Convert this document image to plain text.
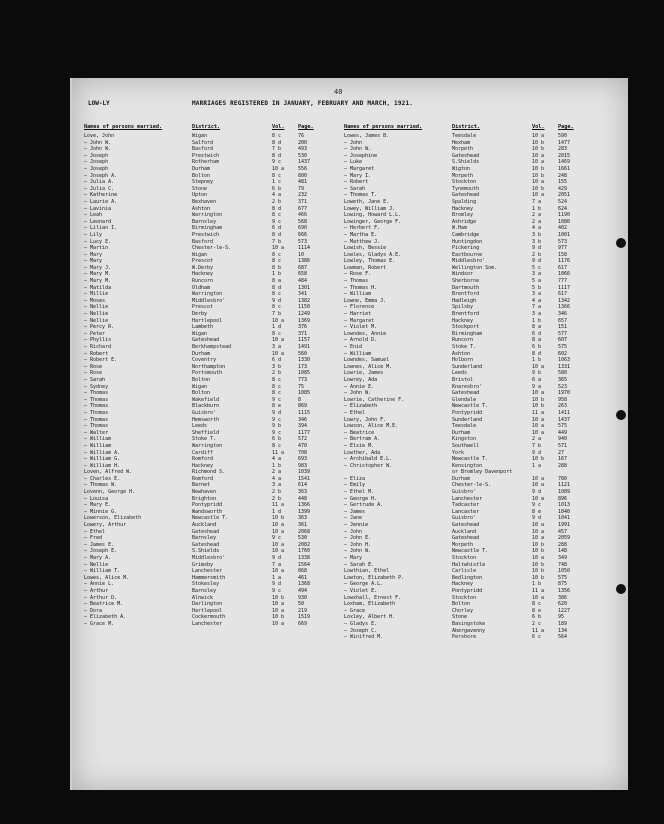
40
LOW-LY	MARRIAGES REGISTERED IN JANUARY, FEBRUARY AND MARCH, 1921.
Names of persons married.	District.	Vol.	Page.
Love, John	Wigan	8 c	76
— John W.	Salford	8 d	200
— John W.	Basford	7 b	493
— Joseph	Prestwich	8 d	530
— Joseph	Rotherham	9 c	1437
— Joseph	Durham	10 a	556
— Joseph A.	Bolton	8 c	800
— Julia A.	Stepney	1 c	481
— Julia C.	Stone	6 b	79
— Katherine	Upton	4 a	232
— Laurie A.	Bexhaven	2 b	371
— Lavinia	Ashton	8 d	677
— Leah	Warrington	8 c	466
— Leonard	Barnsley	9 c	568
— Lilian I.	Birmingham	6 d	690
— Lily	Prestwich	8 d	666
— Lucy E.	Basford	7 b	573
— Martin	Chester-le-S.	10 a	1114
— Mary	Wigan	8 c	10
— Mary	Prescot	8 c	1386
— Mary J.	W.Derby	8 b	687
— Mary M.	Hackney	1 b	658
— Mary M.	Runcorn	8 a	484
— Matilda	Oldham	8 d	1301
— Millie	Warrington	8 c	341
— Moses	Middlesbro'	9 d	1382
— Nellie	Prescot	8 c	1150
— Nellie	Derby	7 b	1249
— Nellie	Hartlepool	10 a	1369
— Percy R.	Lambeth	1 d	376
— Peter	Wigan	8 c	371
— Phyllis	Gateshead	10 a	1157
— Richard	Berkhampstead	3 a	1491
— Robert	Durham	10 a	560
— Robert E.	Coventry	6 d	1330
— Rose	Northampton	3 b	173
— Rose	Portsmouth	2 b	1085
— Sarah	Bolton	8 c	773
— Sydney	Wigan	8 c	75
— Thomas	Bolton	8 c	1085
— Thomas	Wakefield	9 c	8
— Thomas	Blackburn	8 e	869
— Thomas	Guisbro'	9 d	1115
— Thomas	Hemsworth	9 c	346
— Thomas	Leeds	9 b	394
— Walter	Sheffield	9 c	1177
— William	Stoke T.	6 b	572
— William	Warrington	8 c	470
— William A.	Cardiff	11 a	708
— William G.	Romford	4 a	693
— William H.	Hackney	1 b	983
Loven, Alfred W.	Richmond S.	2 a	1039
— Charles E.	Romford	4 a	1541
— Thomas W.	Barnet	3 a	614
Lovenn, George H.	Newhaven	2 b	363
— Louisa	Brighton	2 b	448
— Mary E.	Pontypridd	11 a	1366
— Minnie G.	Wandsworth	1 d	1399
Lowerson, Elizabeth	Newcastle T.	10 b	363
Lowery, Arthur	Auckland	10 a	361
— Ethel	Gateshead	10 a	2068
— Fred	Barnsley	9 c	530
— James E.	Gateshead	10 a	2082
— Joseph E.	S.Shields	10 a	1760
— Mary A.	Middlesbro'	9 d	1338
— Nellie	Grimsby	7 a	1564
— William T.	Lanchester	10 a	868
Lowes, Alice M.	Hammersmith	1 a	461
— Annie L.	Stokesley	9 d	1368
— Arthur	Barnsley	9 c	494
— Arthur D.	Alnwick	10 b	930
— Beatrice M.	Darlington	10 a	50
— Dora	Hartlepool	10 a	219
— Elizabeth A.	Cockermouth	10 b	1519
— Grace M.	Lanchester	10 a	669
Names of persons married.	District.	Vol.	Page.
Lowes, James B.	Teesdale	10 a	590
— John	Hexham	10 b	1477
— John W.	Morpeth	10 b	283
— Josephine	Gateshead	10 a	2015
— Luke	S.Shields	10 a	1469
— Margaret	Wigton	10 b	1661
— Mary I.	Morpeth	10 b	248
— Robert	Stockton	10 a	155
— Sarah	Tynemouth	10 b	429
— Thomas T.	Gateshead	10 a	2051
Loweth, Jane E.	Spalding	7 a	524
Lowey, William J.	Hackney	1 b	624
Lowing, Howard L.L.	Bromley	2 a	1190
Lowinger, George F.	Ashridge	2 a	1080
— Herbert F.	W.Ham	4 a	402
— Martha E.	Cambridge	3 b	1001
— Matthew J.	Huntingdon	3 b	573
Lowish, Bessie	Pickering	9 d	977
Lowles, Gladys A.E.	Eastbourne	2 b	158
Lowley, Thomas E.	Middlesbro'	9 d	1176
Lowman, Robert	Wellington Som.	5 c	617
— Rose F.	Windsor	3 a	1066
— Thomas	Sherborne	5 a	777
— Thomas H.	Dartmouth	5 b	1117
— William	Brentford	3 a	617
Lowne, Emma J.	Hadleigh	4 a	1342
— Florence	Spilsby	7 a	1366
— Harriet	Brentford	3 a	346
— Margaret	Hackney	1 b	657
— Violet M.	Stockport	8 a	151
Lowndes, Annie	Birmingham	6 d	577
— Arnold D.	Runcorn	8 a	607
— Enid	Stoke T.	6 b	575
— William	Ashton	8 d	602
Lowndes, Samuel	Holborn	1 b	1063
Lownes, Alice M.	Sunderland	10 a	1331
Lowrie, James	Leeds	9 b	580
Lowrey, Ada	Bristol	6 a	365
— Annie E.	Knaresbro'	9 a	523
— John W.	Gateshead	10 a	1970
Lowrie, Catherine F.	Glendale	10 b	958
— Elizabeth	Newcastle T.	10 b	263
— Ethel	Pontypridd	11 a	1411
Lowry, John F.	Sunderland	10 a	1437
Lowson, Alice M.E.	Teesdale	10 a	575
— Beatrice	Durham	10 a	449
— Bertram A.	Kingston	2 a	940
— Elsie M.	Southwell	7 b	571
Lowther, Ada	York	9 d	27
— Archibald E.L.	Newcastle T.	10 b	167
— Christopher W.	Kensington	1 a	288
or Bromley Davenport
— Eliza	Durham	10 a	780
— Emily	Chester-le-S.	10 a	1121
— Ethel M.	Guisbro'	9 d	1089
— George H.	Lanchester	10 a	896
— Gertrude A.	Tadcaster	9 c	1013
— James	Lancaster	8 e	1040
— Jane	Guisbro'	9 d	1041
— Jennie	Gateshead	10 a	1991
— John	Auckland	10 a	457
— John E.	Gateshead	10 a	2059
— John H.	Morpeth	10 b	288
— John W.	Newcastle T.	10 b	148
— Mary	Stockton	10 a	349
— Sarah E.	Haltwhistle	10 b	748
Lowthian, Ethel	Carlisle	10 b	1050
Lowton, Elizabeth P.	Bedlington	10 b	575
— George A.L.	Hackney	1 b	875
— Violet E.	Pontypridd	11 a	1356
Lowxhall, Ernest F.	Stockton	10 a	386
Loxham, Elizabeth	Bolton	8 c	620
— Grace	Chorley	8 e	1227
Loxley, Albert H.	Stone	6 b	95
— Gladys E.	Basingstoke	2 c	189
— Joseph C.	Abergavenny	11 a	134
— Winifred M.	Pershore	6 c	564
